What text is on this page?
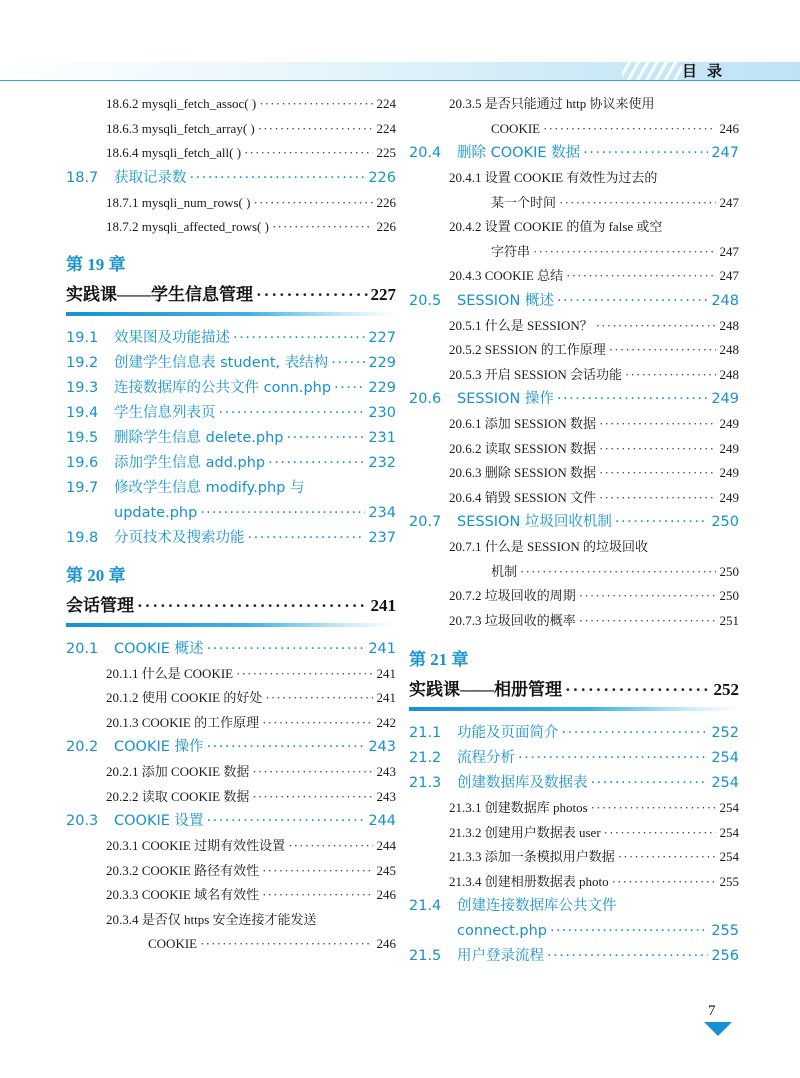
目录
18.6.2 mysqli_fetch_assoc( ) ·····	224
18.6.3 mysqli_fetch_array( ) ·····	224
18.6.4 mysqli_fetch_all( ) ·····	225
18.7	获取记录数 ·····	226
18.7.1 mysqli_num_rows( ) ·····	226
18.7.2 mysqli_affected_rows( ) ·····	226
第 19 章
实践课——学生信息管理 ·····	227
19.1	效果图及功能描述 ·····	227
19.2	创建学生信息表 student, 表结构 ·····	229
19.3	连接数据库的公共文件 conn.php ·····	229
19.4	学生信息列表页 ·····	230
19.5	删除学生信息 delete.php ·····	231
19.6	添加学生信息 add.php ·····	232
19.7	修改学生信息 modify.php 与
update.php ·····	234
19.8	分页技术及搜索功能 ·····	237
第 20 章
会话管理 ·····	241
20.1	COOKIE 概述 ·····	241
20.1.1 什么是 COOKIE ·····	241
20.1.2 使用 COOKIE 的好处 ·····	241
20.1.3 COOKIE 的工作原理 ·····	242
20.2	COOKIE 操作 ·····	243
20.2.1 添加 COOKIE 数据 ·····	243
20.2.2 读取 COOKIE 数据 ·····	243
20.3	COOKIE 设置 ·····	244
20.3.1 COOKIE 过期有效性设置 ·····	244
20.3.2 COOKIE 路径有效性 ·····	245
20.3.3 COOKIE 域名有效性 ·····	246
20.3.4 是否仅 https 安全连接才能发送
COOKIE ·····	246
20.3.5 是否只能通过 http 协议来使用
COOKIE ·····	246
20.4	删除 COOKIE 数据 ·····	247
20.4.1 设置 COOKIE 有效性为过去的
某一个时间 ·····	247
20.4.2 设置 COOKIE 的值为 false 或空
字符串 ·····	247
20.4.3 COOKIE 总结 ·····	247
20.5	SESSION 概述 ·····	248
20.5.1 什么是 SESSION？ ·····	248
20.5.2 SESSION 的工作原理 ·····	248
20.5.3 开启 SESSION 会话功能 ·····	248
20.6	SESSION 操作 ·····	249
20.6.1 添加 SESSION 数据 ·····	249
20.6.2 读取 SESSION 数据 ·····	249
20.6.3 删除 SESSION 数据 ·····	249
20.6.4 销毁 SESSION 文件 ·····	249
20.7	SESSION 垃圾回收机制 ·····	250
20.7.1 什么是 SESSION 的垃圾回收
机制 ·····	250
20.7.2 垃圾回收的周期 ·····	250
20.7.3 垃圾回收的概率 ·····	251
第 21 章
实践课——相册管理 ·····	252
21.1	功能及页面简介 ·····	252
21.2	流程分析 ·····	254
21.3	创建数据库及数据表 ·····	254
21.3.1 创建数据库 photos ·····	254
21.3.2 创建用户数据表 user ·····	254
21.3.3 添加一条模拟用户数据 ·····	254
21.3.4 创建相册数据表 photo ·····	255
21.4	创建连接数据库公共文件
connect.php ·····	255
21.5	用户登录流程 ·····	256
7
